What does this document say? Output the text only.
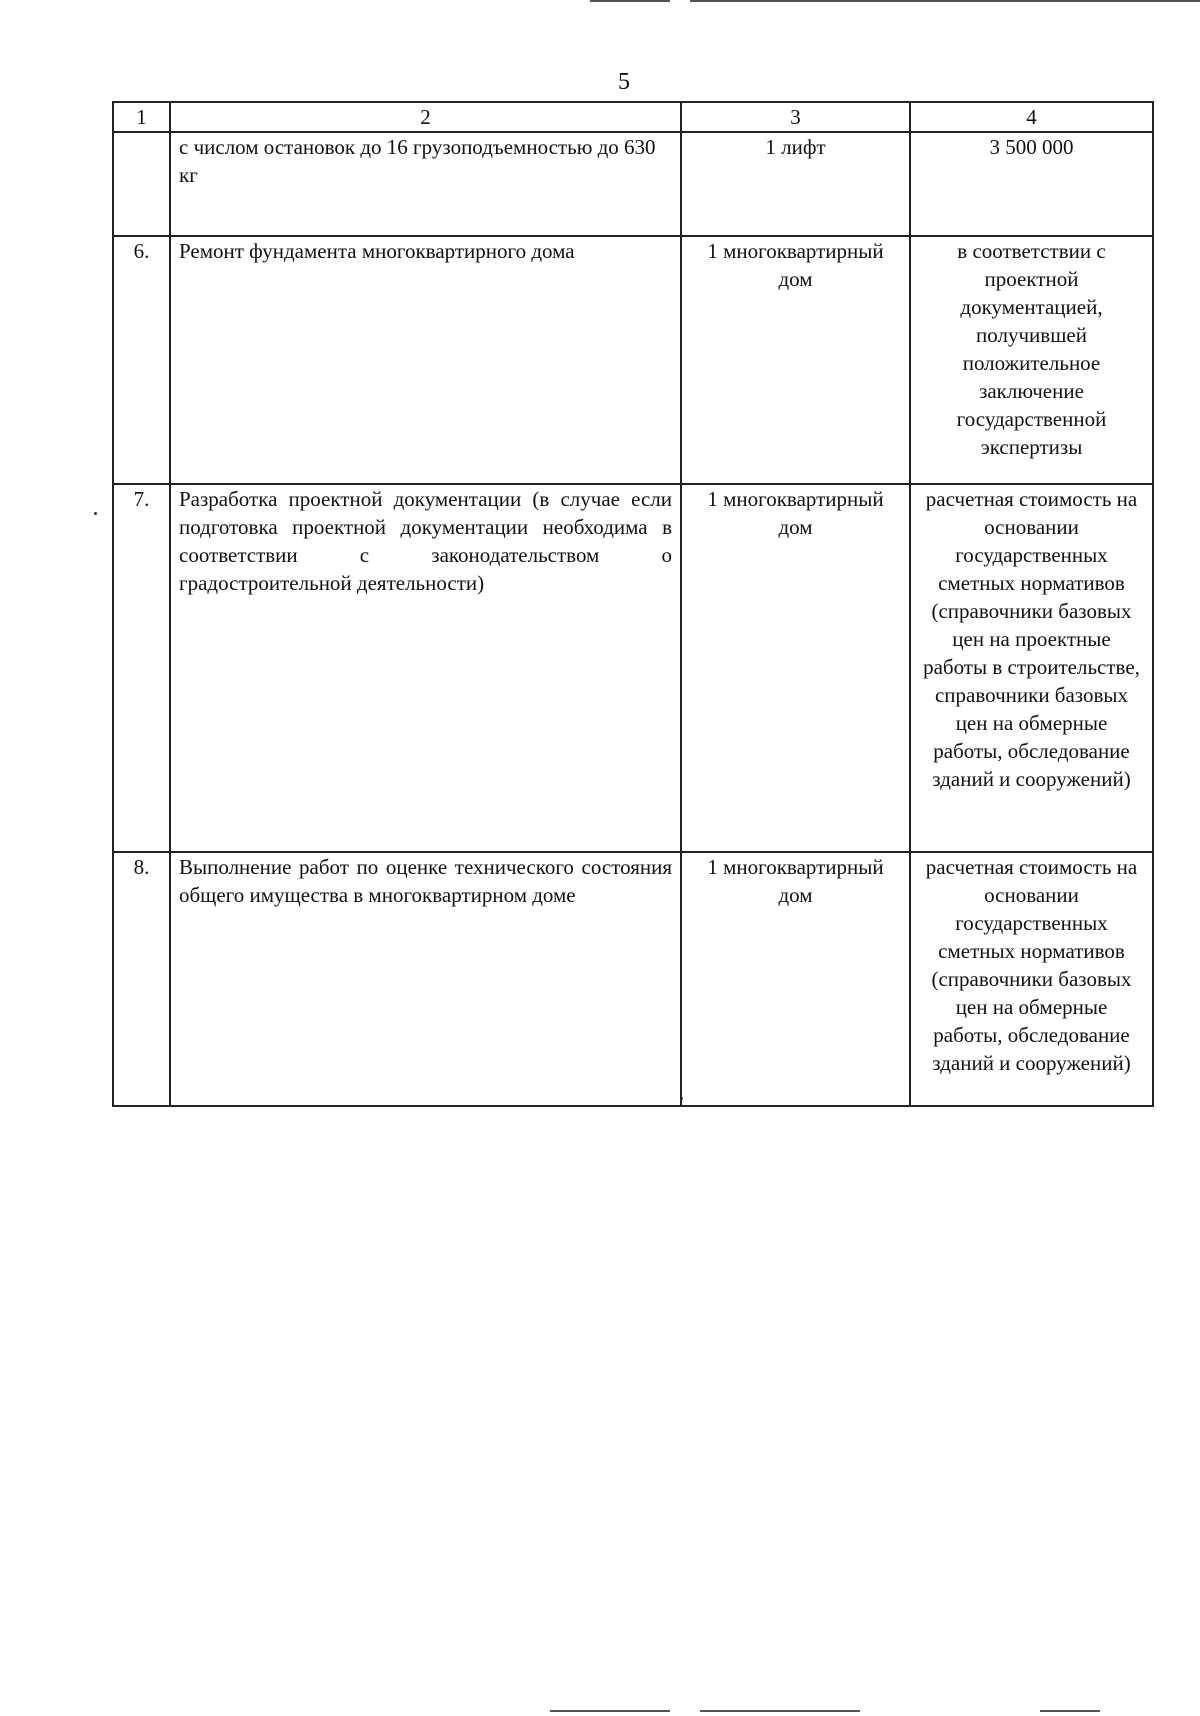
5
1	2	3	4
	с числом остановок до 16 грузоподъемностью до 630 кг	1 лифт	3 500 000
6.	Ремонт фундамента многоквартирного дома	1 многоквартирный дом	в соответствии с проектной документацией, получившей положительное заключение государственной экспертизы
7.	Разработка проектной документации (в случае если подготовка проектной документации необходима в соответствии с законодательством о градостроительной деятельности)	1 многоквартирный дом	расчетная стоимость на основании государственных сметных нормативов (справочники базовых цен на проектные работы в строительстве, справочники базовых цен на обмерные работы, обследование зданий и сооружений)
8.	Выполнение работ по оценке технического состояния общего имущества в многоквартирном доме	1 многоквартирный дом	расчетная стоимость на основании государственных сметных нормативов (справочники базовых цен на обмерные работы, обследование зданий и сооружений)
